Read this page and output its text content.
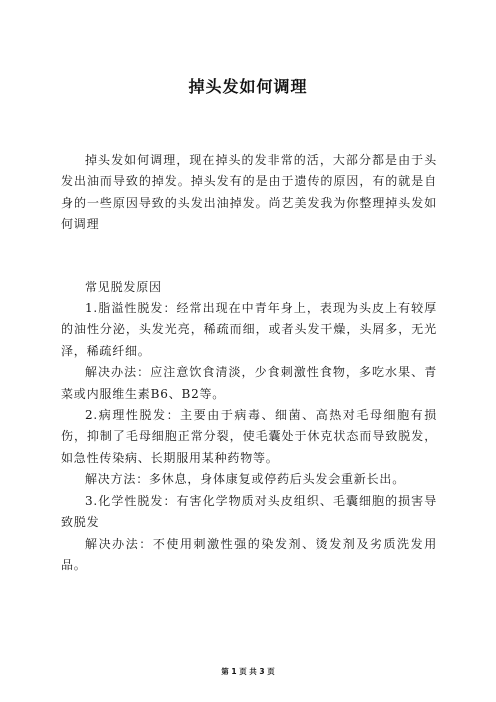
掉头发如何调理

掉头发如何调理，现在掉头的发非常的活，大部分都是由于头发出油而导致的掉发。掉头发有的是由于遗传的原因，有的就是自身的一些原因导致的头发出油掉发。尚艺美发我为你整理掉头发如何调理

常见脱发原因

1.脂溢性脱发：经常出现在中青年身上，表现为头皮上有较厚的油性分泌，头发光亮，稀疏而细，或者头发干燥，头屑多，无光泽，稀疏纤细。

解决办法：应注意饮食清淡，少食刺激性食物，多吃水果、青菜或内服维生素B6、B2等。

2.病理性脱发：主要由于病毒、细菌、高热对毛母细胞有损伤，抑制了毛母细胞正常分裂，使毛囊处于休克状态而导致脱发，如急性传染病、长期服用某种药物等。

解决方法：多休息，身体康复或停药后头发会重新长出。

3.化学性脱发：有害化学物质对头皮组织、毛囊细胞的损害导致脱发

解决办法：不使用刺激性强的染发剂、烫发剂及劣质洗发用品。

第 1 页 共 3 页
